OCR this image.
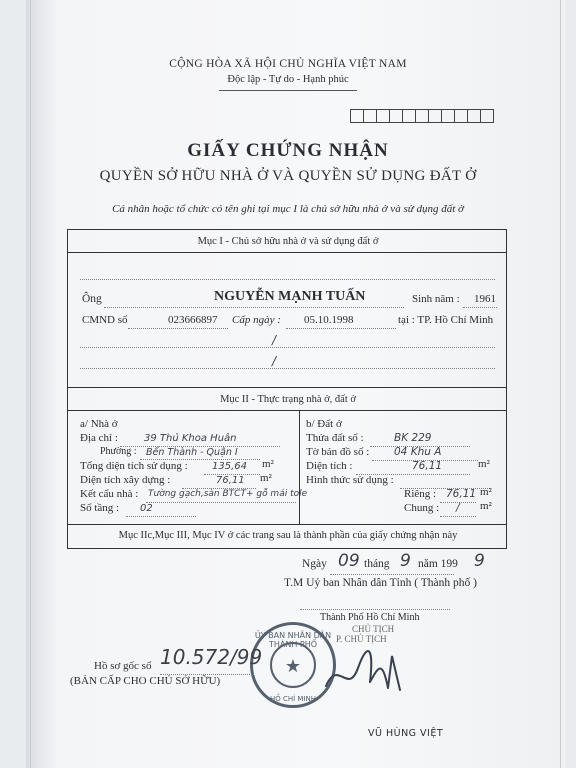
CỘNG HÒA XÃ HỘI CHỦ NGHĨA VIỆT NAM
Độc lập - Tự do - Hạnh phúc
GIẤY CHỨNG NHẬN
QUYỀN SỞ HỮU NHÀ Ở VÀ QUYỀN SỬ DỤNG ĐẤT Ở
Cá nhân hoặc tổ chức có tên ghi tại mục I là chủ sở hữu nhà ở và sử dụng đất ở
Mục I - Chủ sở hữu nhà ở và sử dụng đất ở
Ông	NGUYỄN MẠNH TUẤN	Sinh năm : 1961
CMND số	023666897 Cấp ngày : 05.10.1998	tại : TP. Hồ Chí Minh
/
/
Mục II - Thực trạng nhà ở, đất ở
a/ Nhà ở
Địa chỉ :	39 Thủ Khoa Huân
Phường : Bến Thành - Quận I
Tổng diện tích sử dụng : 135,64 m²
Diện tích xây dựng :	76,11 m²
Kết cấu nhà : Tường gạch,sàn BTCT+ gỗ mái tole
Số tầng : 02
b/ Đất ở
Thửa đất số :	BK 229
Tờ bản đồ số : 04 Khu A
Diện tích :	76,11	m²
Hình thức sử dụng :
Riêng : 76,11 m²
Chung : / m²
Mục IIc,Mục III, Mục IV ở các trang sau là thành phần của giấy chứng nhận này
Ngày 09 tháng 9 năm 199 9
T.M Uỷ ban Nhân dân Tỉnh ( Thành phố )
Thành Phố Hồ Chí Minh
CHỦ TỊCH
P. CHỦ TỊCH
ỦY BAN NHÂN DÂN THÀNH PHỐ
★
HỒ CHÍ MINH
VŨ HÙNG VIỆT
Hồ sơ gốc số 10.572/99
(BẢN CẤP CHO CHỦ SỞ HỮU)
